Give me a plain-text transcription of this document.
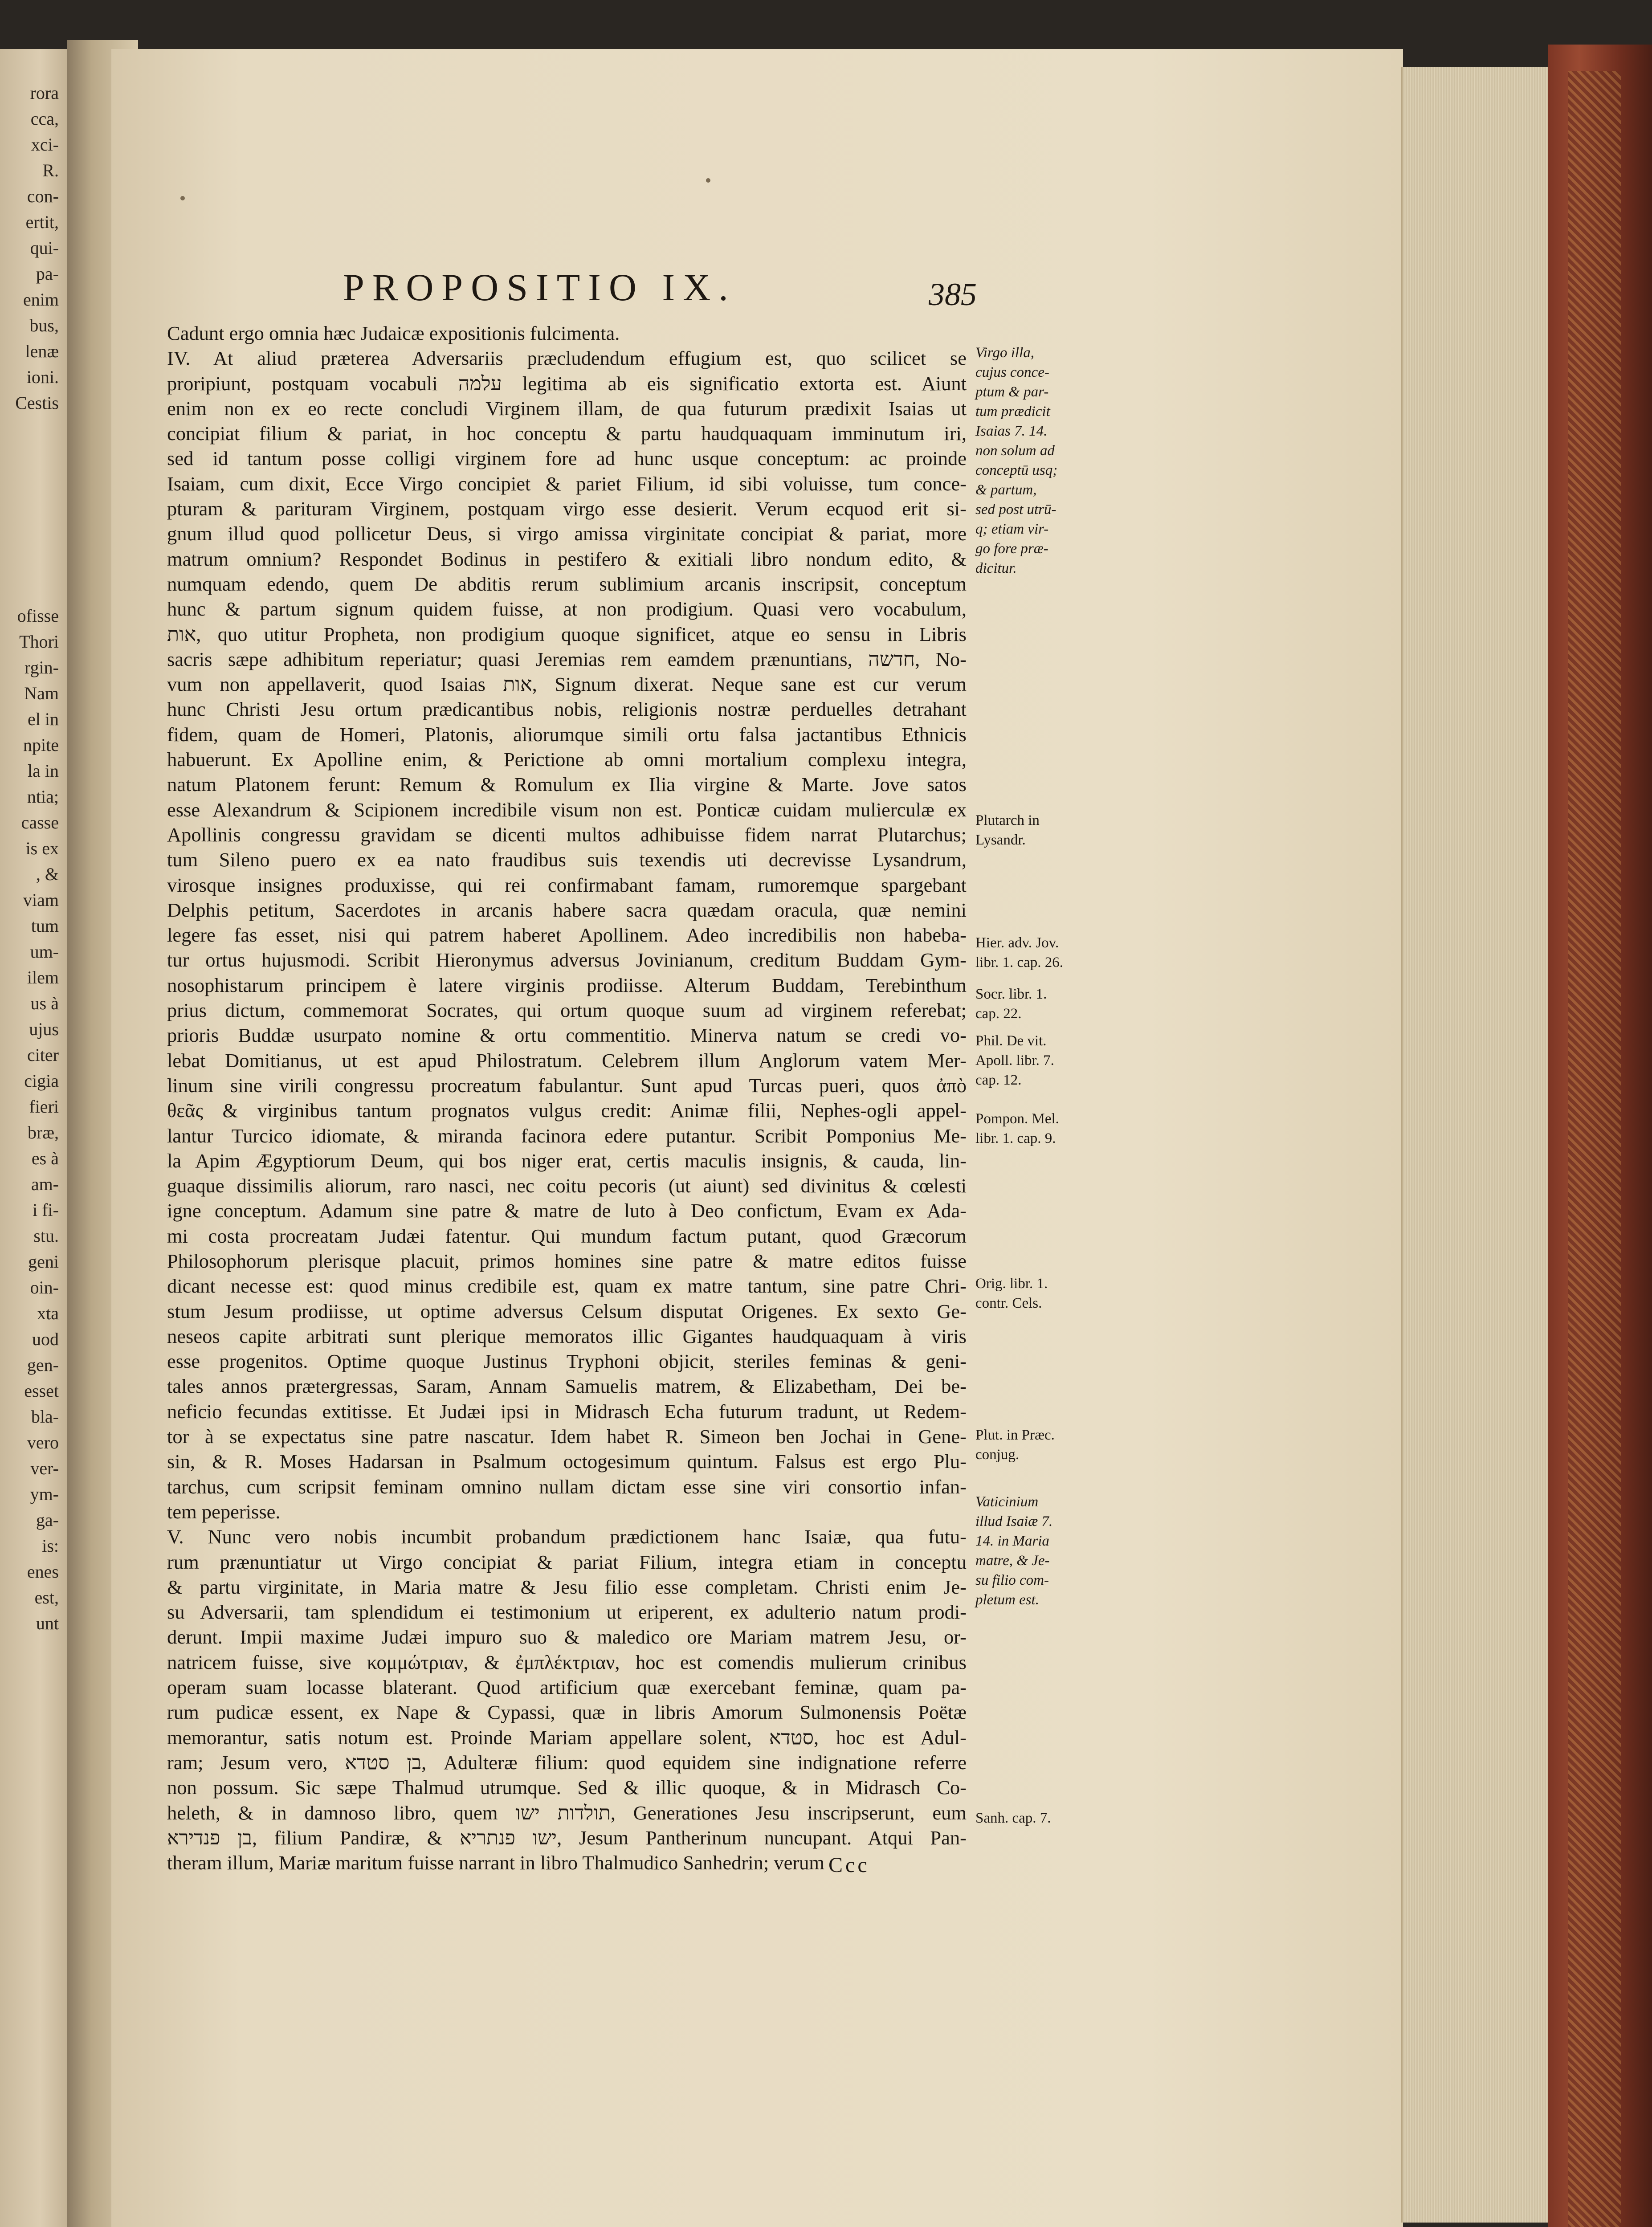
rora
cca,
xci-
R.
con-
ertit,
qui-
pa-
enim
bus,
lenæ
ioni.
Cestis
ofisse
Thori
rgin-
Nam
el in
npite
la in
ntia;
casse
is ex
, &
viam
tum
um-
ilem
us à
ujus
citer
cigia
fieri
bræ,
es à
am-
i fi-
stu.
geni
oin-
xta
uod
gen-
esset
bla-
vero
ver-
ym-
ga-
is:
enes
est,
unt
PROPOSITIO IX.	385
Cadunt ergo omnia hæc Judaicæ expositionis fulcimenta.
IV. At aliud præterea Adversariis præcludendum effugium est, quo scilicet se
proripiunt, postquam vocabuli עלמה legitima ab eis significatio extorta est. Aiunt
enim non ex eo recte concludi Virginem illam, de qua futurum prædixit Isaias ut
concipiat filium & pariat, in hoc conceptu & partu haudquaquam imminutum iri,
sed id tantum posse colligi virginem fore ad hunc usque conceptum: ac proinde
Isaiam, cum dixit, Ecce Virgo concipiet & pariet Filium, id sibi voluisse, tum conce-
pturam & parituram Virginem, postquam virgo esse desierit. Verum ecquod erit si-
gnum illud quod pollicetur Deus, si virgo amissa virginitate concipiat & pariat, more
matrum omnium? Respondet Bodinus in pestifero & exitiali libro nondum edito, &
numquam edendo, quem De abditis rerum sublimium arcanis inscripsit, conceptum
hunc & partum signum quidem fuisse, at non prodigium. Quasi vero vocabulum,
אות, quo utitur Propheta, non prodigium quoque significet, atque eo sensu in Libris
sacris sæpe adhibitum reperiatur; quasi Jeremias rem eamdem prænuntians, חדשה, No-
vum non appellaverit, quod Isaias אות, Signum dixerat. Neque sane est cur verum
hunc Christi Jesu ortum prædicantibus nobis, religionis nostræ perduelles detrahant
fidem, quam de Homeri, Platonis, aliorumque simili ortu falsa jactantibus Ethnicis
habuerunt. Ex Apolline enim, & Perictione ab omni mortalium complexu integra,
natum Platonem ferunt: Remum & Romulum ex Ilia virgine & Marte. Jove satos
esse Alexandrum & Scipionem incredibile visum non est. Ponticæ cuidam mulierculæ ex
Apollinis congressu gravidam se dicenti multos adhibuisse fidem narrat Plutarchus;
tum Sileno puero ex ea nato fraudibus suis texendis uti decrevisse Lysandrum,
virosque insignes produxisse, qui rei confirmabant famam, rumoremque spargebant
Delphis petitum, Sacerdotes in arcanis habere sacra quædam oracula, quæ nemini
legere fas esset, nisi qui patrem haberet Apollinem. Adeo incredibilis non habeba-
tur ortus hujusmodi. Scribit Hieronymus adversus Jovinianum, creditum Buddam Gym-
nosophistarum principem è latere virginis prodiisse. Alterum Buddam, Terebinthum
prius dictum, commemorat Socrates, qui ortum quoque suum ad virginem referebat;
prioris Buddæ usurpato nomine & ortu commentitio. Minerva natum se credi vo-
lebat Domitianus, ut est apud Philostratum. Celebrem illum Anglorum vatem Mer-
linum sine virili congressu procreatum fabulantur. Sunt apud Turcas pueri, quos ἀπὸ
θεᾶς & virginibus tantum prognatos vulgus credit: Animæ filii, Nephes-ogli appel-
lantur Turcico idiomate, & miranda facinora edere putantur. Scribit Pomponius Me-
la Apim Ægyptiorum Deum, qui bos niger erat, certis maculis insignis, & cauda, lin-
guaque dissimilis aliorum, raro nasci, nec coitu pecoris (ut aiunt) sed divinitus & cœlesti
igne conceptum. Adamum sine patre & matre de luto à Deo confictum, Evam ex Ada-
mi costa procreatam Judæi fatentur. Qui mundum factum putant, quod Græcorum
Philosophorum plerisque placuit, primos homines sine patre & matre editos fuisse
dicant necesse est: quod minus credibile est, quam ex matre tantum, sine patre Chri-
stum Jesum prodiisse, ut optime adversus Celsum disputat Origenes. Ex sexto Ge-
neseos capite arbitrati sunt plerique memoratos illic Gigantes haudquaquam à viris
esse progenitos. Optime quoque Justinus Tryphoni objicit, steriles feminas & geni-
tales annos prætergressas, Saram, Annam Samuelis matrem, & Elizabetham, Dei be-
neficio fecundas extitisse. Et Judæi ipsi in Midrasch Echa futurum tradunt, ut Redem-
tor à se expectatus sine patre nascatur. Idem habet R. Simeon ben Jochai in Gene-
sin, & R. Moses Hadarsan in Psalmum octogesimum quintum. Falsus est ergo Plu-
tarchus, cum scripsit feminam omnino nullam dictam esse sine viri consortio infan-
tem peperisse.
V. Nunc vero nobis incumbit probandum prædictionem hanc Isaiæ, qua futu-
rum prænuntiatur ut Virgo concipiat & pariat Filium, integra etiam in conceptu
& partu virginitate, in Maria matre & Jesu filio esse completam. Christi enim Je-
su Adversarii, tam splendidum ei testimonium ut eriperent, ex adulterio natum prodi-
derunt. Impii maxime Judæi impuro suo & maledico ore Mariam matrem Jesu, or-
natricem fuisse, sive κομμώτριαν, & ἐμπλέκτριαν, hoc est comendis mulierum crinibus
operam suam locasse blaterant. Quod artificium quæ exercebant feminæ, quam pa-
rum pudicæ essent, ex Nape & Cypassi, quæ in libris Amorum Sulmonensis Poëtæ
memorantur, satis notum est. Proinde Mariam appellare solent, סטדא, hoc est Adul-
ram; Jesum vero, בן סטדא, Adulteræ filium: quod equidem sine indignatione referre
non possum. Sic sæpe Thalmud utrumque. Sed & illic quoque, & in Midrasch Co-
heleth, & in damnoso libro, quem תולדות ישו, Generationes Jesu inscripserunt, eum
בן פנדירא, filium Pandiræ, & ישו פנתריא, Jesum Pantherinum nuncupant. Atqui Pan-
theram illum, Mariæ maritum fuisse narrant in libro Thalmudico Sanhedrin; verum
Virgo illa,
cujus conce-
ptum & par-
tum prædicit
Isaias 7. 14.
non solum ad
conceptū usq;
& partum,
sed post utrū-
q; etiam vir-
go fore præ-
dicitur.
Plutarch in
Lysandr.
Hier. adv. Jov.
libr. 1. cap. 26.
Socr. libr. 1.
cap. 22.
Phil. De vit.
Apoll. libr. 7.
cap. 12.
Pompon. Mel.
libr. 1. cap. 9.
Orig. libr. 1.
contr. Cels.
Plut. in Præc.
conjug.
Vaticinium
illud Isaiæ 7.
14. in Maria
matre, & Je-
su filio com-
pletum est.
Sanh. cap. 7.
Ccc
